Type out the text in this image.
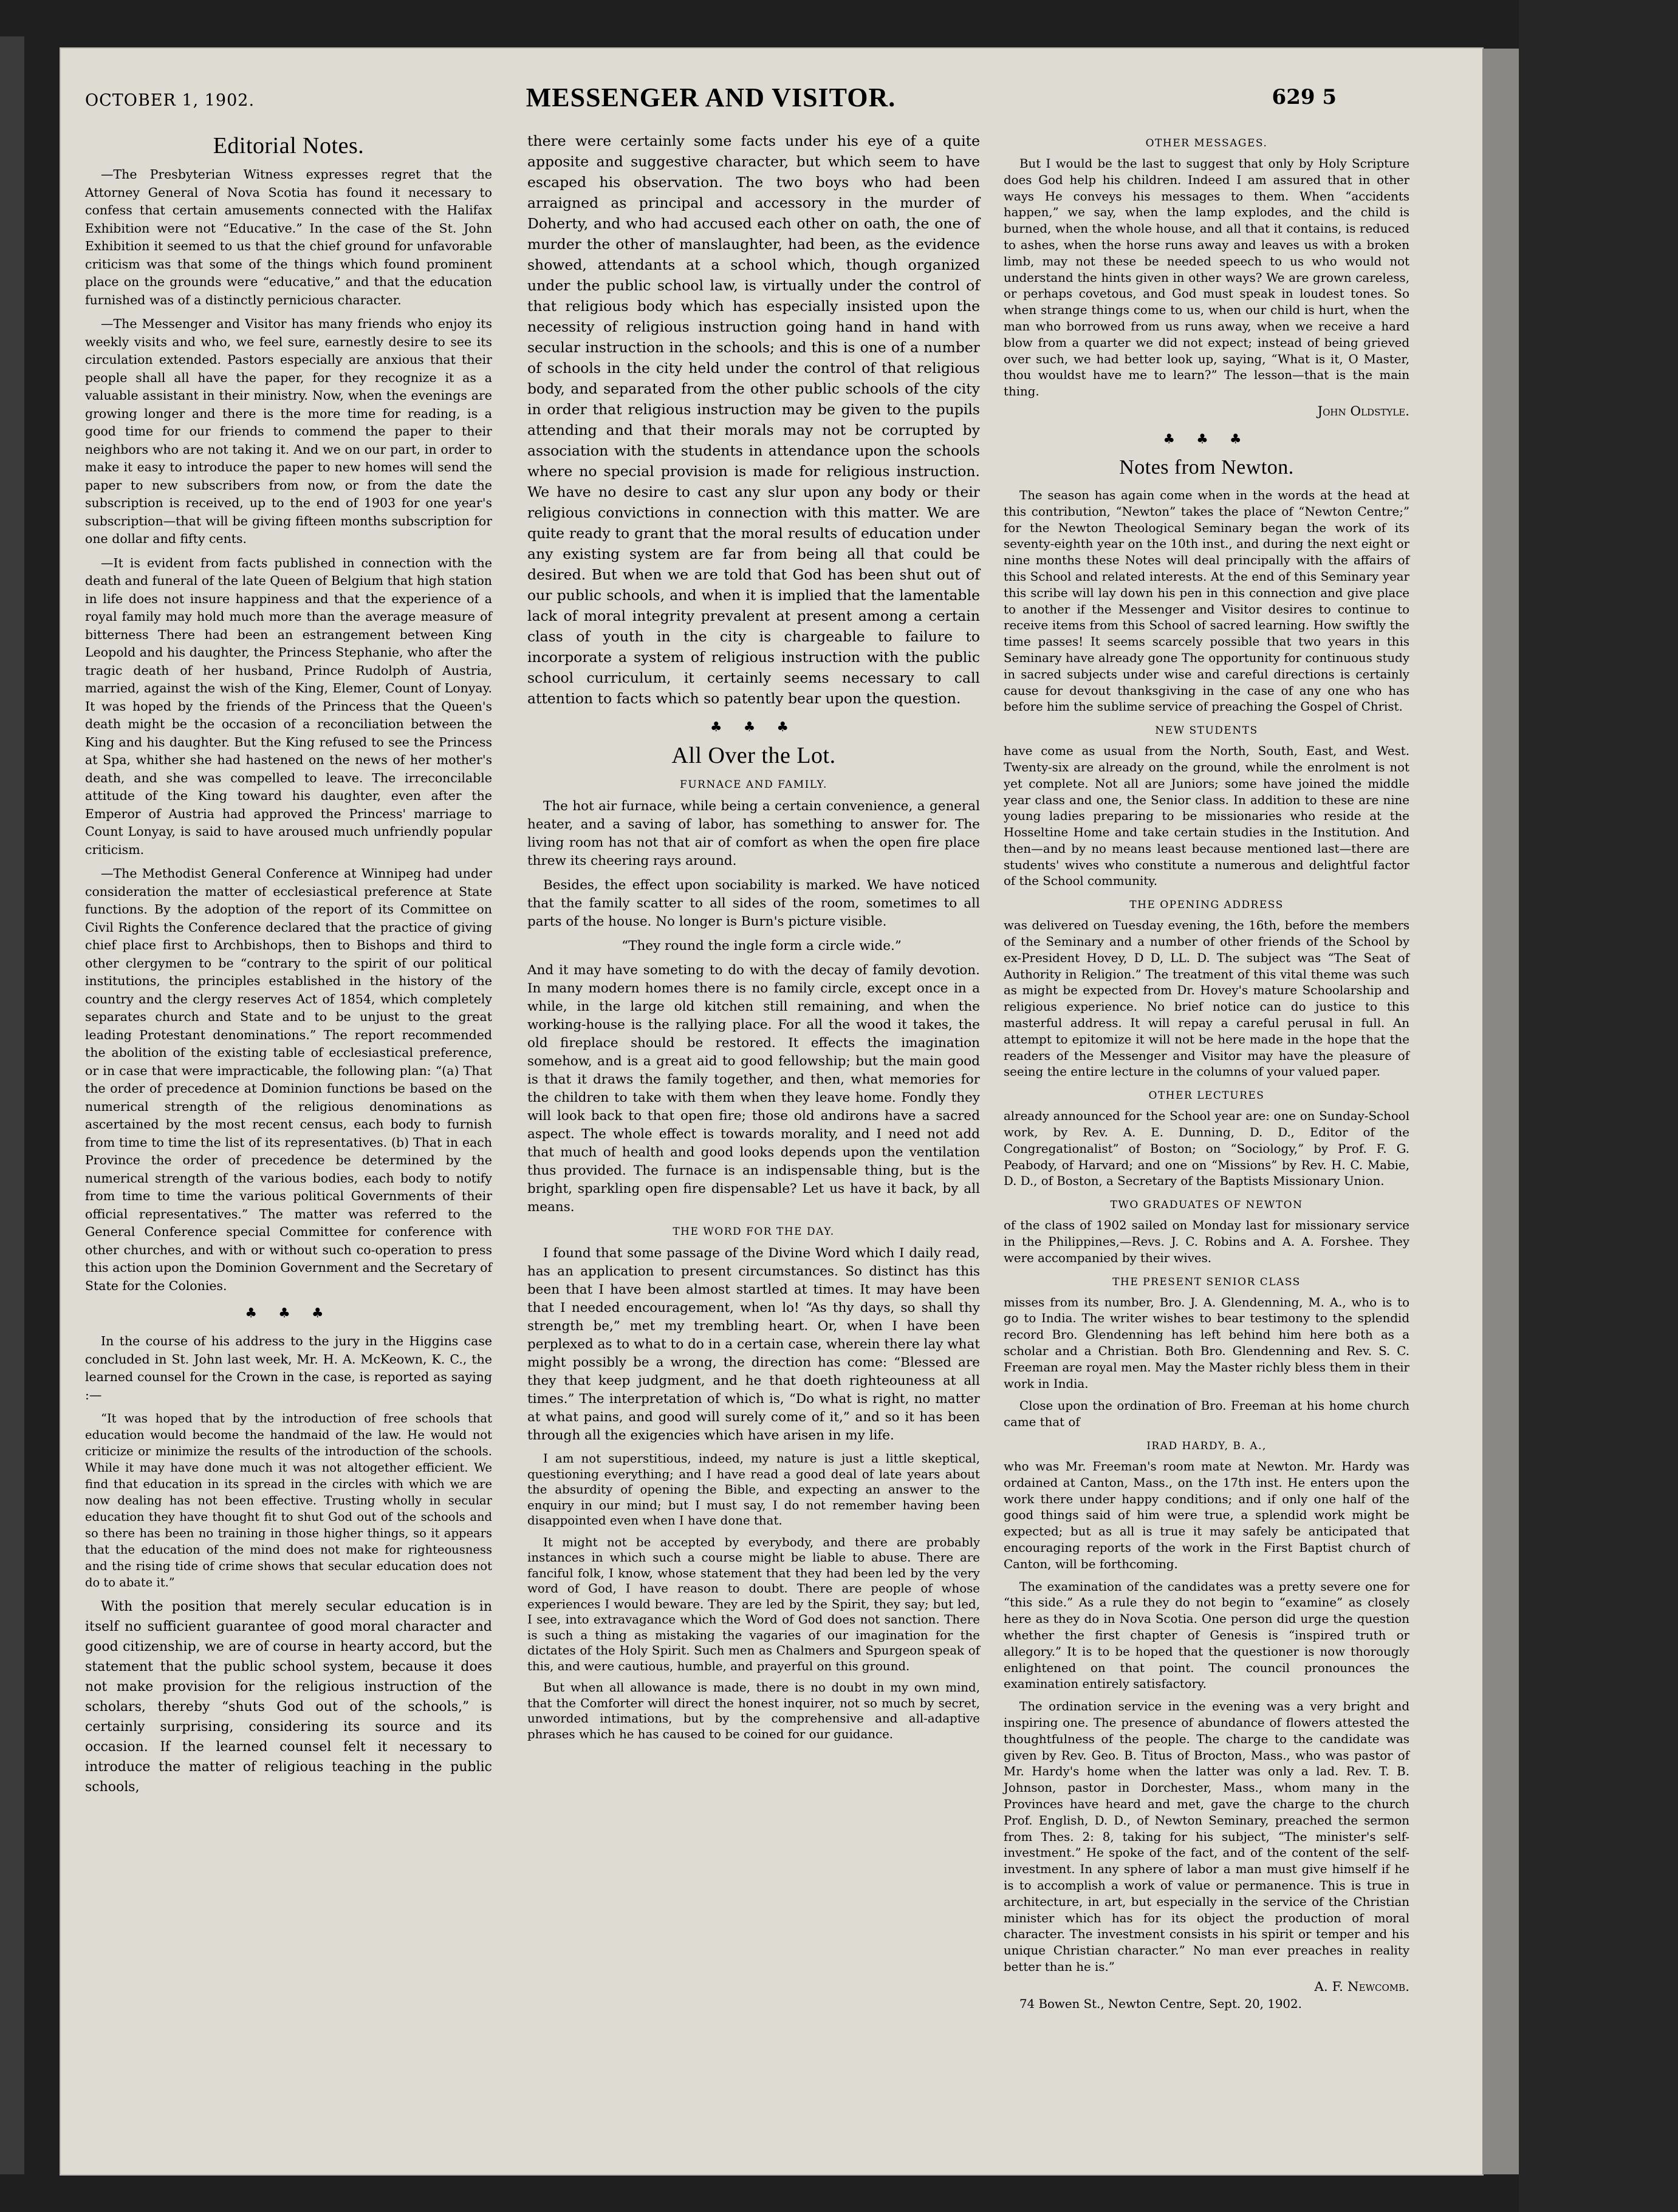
OCTOBER 1, 1902.	MESSENGER AND VISITOR.	629 5
Editorial Notes.

—The Presbyterian Witness expresses regret that the Attorney General of Nova Scotia has found it necessary to confess that certain amusements connected with the Halifax Exhibition were not “Educative.” In the case of the St. John Exhibition it seemed to us that the chief ground for unfavorable criticism was that some of the things which found prominent place on the grounds were “educative,” and that the education furnished was of a distinctly pernicious character.

—The Messenger and Visitor has many friends who enjoy its weekly visits and who, we feel sure, earnestly desire to see its circulation extended. Pastors especially are anxious that their people shall all have the paper, for they recognize it as a valuable assistant in their ministry. Now, when the evenings are growing longer and there is the more time for reading, is a good time for our friends to commend the paper to their neighbors who are not taking it. And we on our part, in order to make it easy to introduce the paper to new homes will send the paper to new subscribers from now, or from the date the subscription is received, up to the end of 1903 for one year's subscription—that will be giving fifteen months subscription for one dollar and fifty cents.

—It is evident from facts published in connection with the death and funeral of the late Queen of Belgium that high station in life does not insure happiness and that the experience of a royal family may hold much more than the average measure of bitterness There had been an estrangement between King Leopold and his daughter, the Princess Stephanie, who after the tragic death of her husband, Prince Rudolph of Austria, married, against the wish of the King, Elemer, Count of Lonyay. It was hoped by the friends of the Princess that the Queen's death might be the occasion of a reconciliation between the King and his daughter. But the King refused to see the Princess at Spa, whither she had hastened on the news of her mother's death, and she was compelled to leave. The irreconcilable attitude of the King toward his daughter, even after the Emperor of Austria had approved the Princess' marriage to Count Lonyay, is said to have aroused much unfriendly popular criticism.

—The Methodist General Conference at Winnipeg had under consideration the matter of ecclesiastical preference at State functions. By the adoption of the report of its Committee on Civil Rights the Conference declared that the practice of giving chief place first to Archbishops, then to Bishops and third to other clergymen to be “contrary to the spirit of our political institutions, the principles established in the history of the country and the clergy reserves Act of 1854, which completely separates church and State and to be unjust to the great leading Protestant denominations.” The report recommended the abolition of the existing table of ecclesiastical preference, or in case that were impracticable, the following plan: “(a) That the order of precedence at Dominion functions be based on the numerical strength of the religious denominations as ascertained by the most recent census, each body to furnish from time to time the list of its representatives. (b) That in each Province the order of precedence be determined by the numerical strength of the various bodies, each body to notify from time to time the various political Governments of their official representatives.” The matter was referred to the General Conference special Committee for conference with other churches, and with or without such co-operation to press this action upon the Dominion Government and the Secretary of State for the Colonies.

♣ ♣ ♣

In the course of his address to the jury in the Higgins case concluded in St. John last week, Mr. H. A. McKeown, K. C., the learned counsel for the Crown in the case, is reported as saying :—

“It was hoped that by the introduction of free schools that education would become the handmaid of the law. He would not criticize or minimize the results of the introduction of the schools. While it may have done much it was not altogether efficient. We find that education in its spread in the circles with which we are now dealing has not been effective. Trusting wholly in secular education they have thought fit to shut God out of the schools and so there has been no training in those higher things, so it appears that the education of the mind does not make for righteousness and the rising tide of crime shows that secular education does not do to abate it.”

With the position that merely secular education is in itself no sufficient guarantee of good moral character and good citizenship, we are of course in hearty accord, but the statement that the public school system, because it does not make provision for the religious instruction of the scholars, thereby “shuts God out of the schools,” is certainly surprising, considering its source and its occasion. If the learned counsel felt it necessary to introduce the matter of religious teaching in the public schools,

there were certainly some facts under his eye of a quite apposite and suggestive character, but which seem to have escaped his observation. The two boys who had been arraigned as principal and accessory in the murder of Doherty, and who had accused each other on oath, the one of murder the other of manslaughter, had been, as the evidence showed, attendants at a school which, though organized under the public school law, is virtually under the control of that religious body which has especially insisted upon the necessity of religious instruction going hand in hand with secular instruction in the schools; and this is one of a number of schools in the city held under the control of that religious body, and separated from the other public schools of the city in order that religious instruction may be given to the pupils attending and that their morals may not be corrupted by association with the students in attendance upon the schools where no special provision is made for religious instruction. We have no desire to cast any slur upon any body or their religious convictions in connection with this matter. We are quite ready to grant that the moral results of education under any existing system are far from being all that could be desired. But when we are told that God has been shut out of our public schools, and when it is implied that the lamentable lack of moral integrity prevalent at present among a certain class of youth in the city is chargeable to failure to incorporate a system of religious instruction with the public school curriculum, it certainly seems necessary to call attention to facts which so patently bear upon the question.

♣ ♣ ♣
All Over the Lot.
FURNACE AND FAMILY.

The hot air furnace, while being a certain convenience, a general heater, and a saving of labor, has something to answer for. The living room has not that air of comfort as when the open fire place threw its cheering rays around.

Besides, the effect upon sociability is marked. We have noticed that the family scatter to all sides of the room, sometimes to all parts of the house. No longer is Burn's picture visible.

“They round the ingle form a circle wide.”

And it may have someting to do with the decay of family devotion. In many modern homes there is no family circle, except once in a while, in the large old kitchen still remaining, and when the working-house is the rallying place. For all the wood it takes, the old fireplace should be restored. It effects the imagination somehow, and is a great aid to good fellowship; but the main good is that it draws the family together, and then, what memories for the children to take with them when they leave home. Fondly they will look back to that open fire; those old andirons have a sacred aspect. The whole effect is towards morality, and I need not add that much of health and good looks depends upon the ventilation thus provided. The furnace is an indispensable thing, but is the bright, sparkling open fire dispensable? Let us have it back, by all means.

THE WORD FOR THE DAY.

I found that some passage of the Divine Word which I daily read, has an application to present circumstances. So distinct has this been that I have been almost startled at times. It may have been that I needed encouragement, when lo! “As thy days, so shall thy strength be,” met my trembling heart. Or, when I have been perplexed as to what to do in a certain case, wherein there lay what might possibly be a wrong, the direction has come: “Blessed are they that keep judgment, and he that doeth righteouness at all times.” The interpretation of which is, “Do what is right, no matter at what pains, and good will surely come of it,” and so it has been through all the exigencies which have arisen in my life.

I am not superstitious, indeed, my nature is just a little skeptical, questioning everything; and I have read a good deal of late years about the absurdity of opening the Bible, and expecting an answer to the enquiry in our mind; but I must say, I do not remember having been disappointed even when I have done that.

It might not be accepted by everybody, and there are probably instances in which such a course might be liable to abuse. There are fanciful folk, I know, whose statement that they had been led by the very word of God, I have reason to doubt. There are people of whose experiences I would beware. They are led by the Spirit, they say; but led, I see, into extravagance which the Word of God does not sanction. There is such a thing as mistaking the vagaries of our imagination for the dictates of the Holy Spirit. Such men as Chalmers and Spurgeon speak of this, and were cautious, humble, and prayerful on this ground.

But when all allowance is made, there is no doubt in my own mind, that the Comforter will direct the honest inquirer, not so much by secret, unworded intimations, but by the comprehensive and all-adaptive phrases which he has caused to be coined for our guidance.

OTHER MESSAGES.

But I would be the last to suggest that only by Holy Scripture does God help his children. Indeed I am assured that in other ways He conveys his messages to them. When “accidents happen,” we say, when the lamp explodes, and the child is burned, when the whole house, and all that it contains, is reduced to ashes, when the horse runs away and leaves us with a broken limb, may not these be needed speech to us who would not understand the hints given in other ways? We are grown careless, or perhaps covetous, and God must speak in loudest tones. So when strange things come to us, when our child is hurt, when the man who borrowed from us runs away, when we receive a hard blow from a quarter we did not expect; instead of being grieved over such, we had better look up, saying, “What is it, O Master, thou wouldst have me to learn?” The lesson—that is the main thing.

John Oldstyle.
♣ ♣ ♣
Notes from Newton.

The season has again come when in the words at the head at this contribution, “Newton” takes the place of “Newton Centre;” for the Newton Theological Seminary began the work of its seventy-eighth year on the 10th inst., and during the next eight or nine months these Notes will deal principally with the affairs of this School and related interests. At the end of this Seminary year this scribe will lay down his pen in this connection and give place to another if the Messenger and Visitor desires to continue to receive items from this School of sacred learning. How swiftly the time passes! It seems scarcely possible that two years in this Seminary have already gone The opportunity for continuous study in sacred subjects under wise and careful directions is certainly cause for devout thanksgiving in the case of any one who has before him the sublime service of preaching the Gospel of Christ.

NEW STUDENTS

have come as usual from the North, South, East, and West. Twenty-six are already on the ground, while the enrolment is not yet complete. Not all are Juniors; some have joined the middle year class and one, the Senior class. In addition to these are nine young ladies preparing to be missionaries who reside at the Hosseltine Home and take certain studies in the Institution. And then—and by no means least because mentioned last—there are students' wives who constitute a numerous and delightful factor of the School community.

THE OPENING ADDRESS

was delivered on Tuesday evening, the 16th, before the members of the Seminary and a number of other friends of the School by ex-President Hovey, D D, LL. D. The subject was “The Seat of Authority in Religion.” The treatment of this vital theme was such as might be expected from Dr. Hovey's mature Schoolarship and religious experience. No brief notice can do justice to this masterful address. It will repay a careful perusal in full. An attempt to epitomize it will not be here made in the hope that the readers of the Messenger and Visitor may have the pleasure of seeing the entire lecture in the columns of your valued paper.

OTHER LECTURES

already announced for the School year are: one on Sunday-School work, by Rev. A. E. Dunning, D. D., Editor of the Congregationalist” of Boston; on “Sociology,” by Prof. F. G. Peabody, of Harvard; and one on “Missions” by Rev. H. C. Mabie, D. D., of Boston, a Secretary of the Baptists Missionary Union.

TWO GRADUATES OF NEWTON

of the class of 1902 sailed on Monday last for missionary service in the Philippines,—Revs. J. C. Robins and A. A. Forshee. They were accompanied by their wives.

THE PRESENT SENIOR CLASS

misses from its number, Bro. J. A. Glendenning, M. A., who is to go to India. The writer wishes to bear testimony to the splendid record Bro. Glendenning has left behind him here both as a scholar and a Christian. Both Bro. Glendenning and Rev. S. C. Freeman are royal men. May the Master richly bless them in their work in India.

Close upon the ordination of Bro. Freeman at his home church came that of

IRAD HARDY, B. A.,

who was Mr. Freeman's room mate at Newton. Mr. Hardy was ordained at Canton, Mass., on the 17th inst. He enters upon the work there under happy conditions; and if only one half of the good things said of him were true, a splendid work might be expected; but as all is true it may safely be anticipated that encouraging reports of the work in the First Baptist church of Canton, will be forthcoming.

The examination of the candidates was a pretty severe one for “this side.” As a rule they do not begin to “examine” as closely here as they do in Nova Scotia. One person did urge the question whether the first chapter of Genesis is “inspired truth or allegory.” It is to be hoped that the questioner is now thorougly enlightened on that point. The council pronounces the examination entirely satisfactory.

The ordination service in the evening was a very bright and inspiring one. The presence of abundance of flowers attested the thoughtfulness of the people. The charge to the candidate was given by Rev. Geo. B. Titus of Brocton, Mass., who was pastor of Mr. Hardy's home when the latter was only a lad. Rev. T. B. Johnson, pastor in Dorchester, Mass., whom many in the Provinces have heard and met, gave the charge to the church Prof. English, D. D., of Newton Seminary, preached the sermon from Thes. 2: 8, taking for his subject, “The minister's self-investment.” He spoke of the fact, and of the content of the self-investment. In any sphere of labor a man must give himself if he is to accomplish a work of value or permanence. This is true in architecture, in art, but especially in the service of the Christian minister which has for its object the production of moral character. The investment consists in his spirit or temper and his unique Christian character.” No man ever preaches in reality better than he is.”

A. F. Newcomb.

74 Bowen St., Newton Centre, Sept. 20, 1902.
